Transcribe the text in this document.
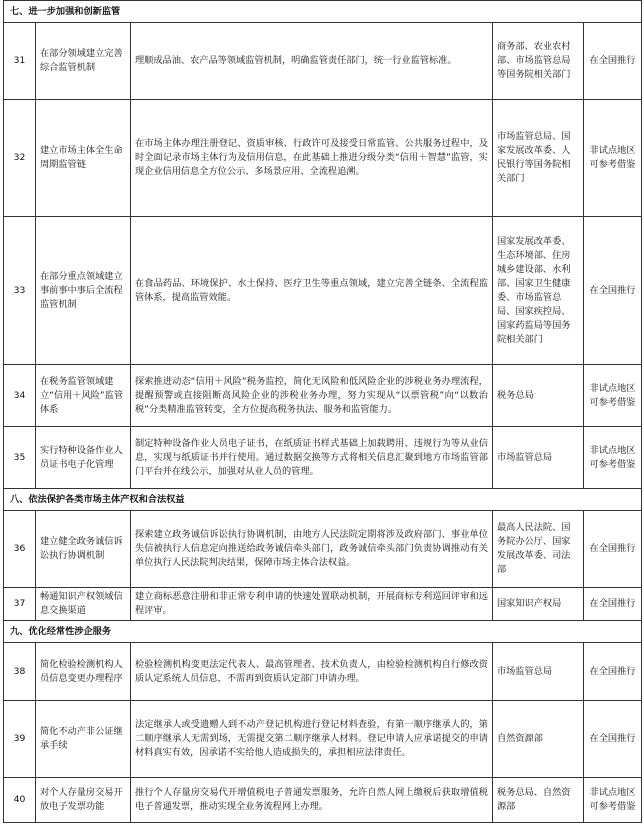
七、进一步加强和创新监管				
31	在部分领域建立完善综合监管机制	理顺成品油、农产品等领域监管机制，明确监管责任部门，统一行业监管标准。	商务部、农业农村部、市场监管总局等国务院相关部门	在全国推行
32	建立市场主体全生命周期监管链	在市场主体办理注册登记、资质审核、行政许可及接受日常监管、公共服务过程中，及时全面记录市场主体行为及信用信息，在此基础上推进分级分类“信用＋智慧”监管，实现企业信用信息全方位公示、多场景应用、全流程追溯。	市场监管总局、国家发展改革委、人民银行等国务院相关部门	非试点地区可参考借鉴
33	在部分重点领域建立事前事中事后全流程监管机制	在食品药品、环境保护、水土保持、医疗卫生等重点领域，建立完善全链条、全流程监管体系，提高监管效能。	国家发展改革委、生态环境部、住房城乡建设部、水利部、国家卫生健康委、市场监管总局、国家疾控局、国家药监局等国务院相关部门	在全国推行
34	在税务监管领域建立“信用＋风险”监管体系	探索推进动态“信用＋风险”税务监控，简化无风险和低风险企业的涉税业务办理流程，提醒预警或直接阻断高风险企业的涉税业务办理，努力实现从“以票管税”向“以数治税”分类精准监管转变，全方位提高税务执法、服务和监管能力。	税务总局	非试点地区可参考借鉴
35	实行特种设备作业人员证书电子化管理	制定特种设备作业人员电子证书，在纸质证书样式基础上加载聘用、违规行为等从业信息，实现与纸质证书并行使用。通过数据交换等方式将相关信息汇聚到地方市场监管部门平台并在线公示，加强对从业人员的管理。	市场监管总局	非试点地区可参考借鉴
八、依法保护各类市场主体产权和合法权益				
36	建立健全政务诚信诉讼执行协调机制	探索建立政务诚信诉讼执行协调机制，由地方人民法院定期将涉及政府部门、事业单位失信被执行人信息定向推送给政务诚信牵头部门，政务诚信牵头部门负责协调推动有关单位执行人民法院判决结果，保障市场主体合法权益。	最高人民法院、国务院办公厅、国家发展改革委、司法部	在全国推行
37	畅通知识产权领域信息交换渠道	建立商标恶意注册和非正常专利申请的快速处置联动机制，开展商标专利巡回评审和远程评审。	国家知识产权局	在全国推行
九、优化经常性涉企服务				
38	简化检验检测机构人员信息变更办理程序	检验检测机构变更法定代表人、最高管理者、技术负责人，由检验检测机构自行修改资质认定系统人员信息，不需再到资质认定部门申请办理。	市场监管总局	在全国推行
39	简化不动产非公证继承手续	法定继承人或受遗赠人到不动产登记机构进行登记材料查验，有第一顺序继承人的，第二顺序继承人无需到场，无需提交第二顺序继承人材料。登记申请人应承诺提交的申请材料真实有效，因承诺不实给他人造成损失的，承担相应法律责任。	自然资源部	在全国推行
40	对个人存量房交易开放电子发票功能	推行个人存量房交易代开增值税电子普通发票服务，允许自然人网上缴税后获取增值税电子普通发票，推动实现全业务流程网上办理。	税务总局、自然资源部	非试点地区可参考借鉴
